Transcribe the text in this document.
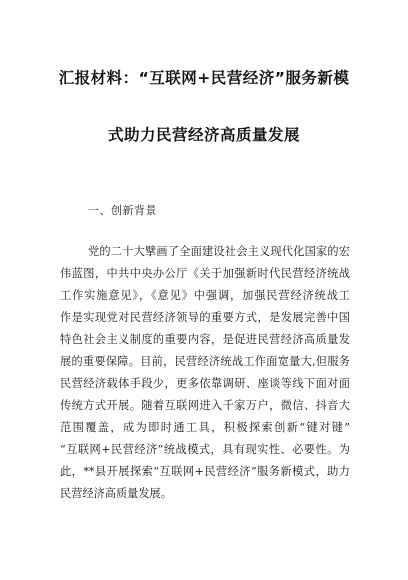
汇报材料：“互联网+民营经济”服务新模
式助力民营经济高质量发展
一、创新背景
党的二十大擘画了全面建设社会主义现代化国家的宏
伟蓝图，中共中央办公厅《关于加强新时代民营经济统战
工作实施意见》，《意见》中强调，加强民营经济统战工
作是实现党对民营经济领导的重要方式，是发展完善中国
特色社会主义制度的重要内容，是促进民营经济高质量发
展的重要保障。目前，民营经济统战工作面宽量大,但服务
民营经济载体手段少，更多依靠调研、座谈等线下面对面
传统方式开展。随着互联网进入千家万户，微信、抖音大
范围覆盖，成为即时通工具，积极探索创新“键对键”
“互联网+民营经济”统战模式，具有现实性、必要性。为
此，**县开展探索“互联网+民营经济”服务新模式，助力
民营经济高质量发展。
